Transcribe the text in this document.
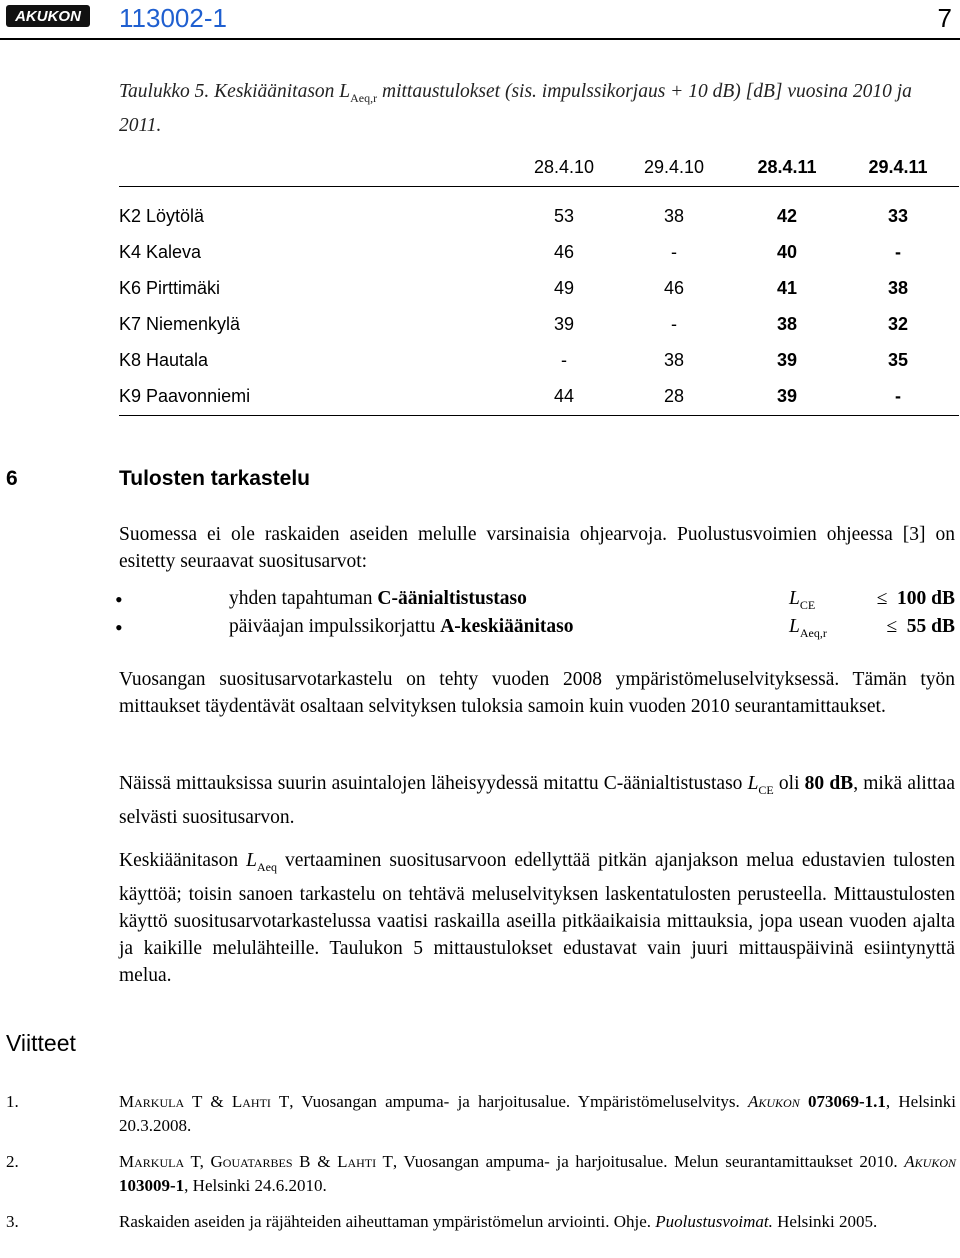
AKUKON 113002-1	7
Taulukko 5. Keskiäänitason $L_{Aeq,r}$ mittaustulokset (sis. impulssikorjaus + 10 dB) [dB] vuosina 2010 ja 2011.
28.4.10	29.4.10	28.4.11	29.4.11
K2 Löytölä	53	38	42	33
K4 Kaleva	46	-	40	-
K6 Pirttimäki	49	46	41	38
K7 Niemenkylä	39	-	38	32
K8 Hautala	-	38	39	35
K9 Paavonniemi	44	28	39	-
6	Tulosten tarkastelu
Suomessa ei ole raskaiden aseiden melulle varsinaisia ohjearvoja. Puolustusvoimien ohjeessa [3] on esitetty seuraavat suositusarvot:
•	yhden tapahtuman C-äänialtistustaso	$L_{CE}$	≤ 100 dB
•	päiväajan impulssikorjattu A-keskiäänitaso	$L_{Aeq,r}$	≤ 55 dB
Vuosangan suositusarvotarkastelu on tehty vuoden 2008 ympäristömeluselvityksessä. Tämän työn mittaukset täydentävät osaltaan selvityksen tuloksia samoin kuin vuoden 2010 seurantamittaukset.
Näissä mittauksissa suurin asuintalojen läheisyydessä mitattu C-äänialtistustaso $L_{CE}$ oli 80 dB, mikä alittaa selvästi suositusarvon.
Keskiäänitason $L_{Aeq}$ vertaaminen suositusarvoon edellyttää pitkän ajanjakson melua edustavien tulosten käyttöä; toisin sanoen tarkastelu on tehtävä meluselvityksen laskentatulosten perusteella. Mittaustulosten käyttö suositusarvotarkastelussa vaatisi raskailla aseilla pitkäaikaisia mittauksia, jopa usean vuoden ajalta ja kaikille melulähteille. Taulukon 5 mittaustulokset edustavat vain juuri mittauspäivinä esiintynyttä melua.
Viitteet
1.	Markula T & Lahti T, Vuosangan ampuma- ja harjoitusalue. Ympäristömeluselvitys. Akukon 073069-1.1, Helsinki 20.3.2008.
2.	Markula T, Gouatarbes B & Lahti T, Vuosangan ampuma- ja harjoitusalue. Melun seurantamittaukset 2010. Akukon 103009-1, Helsinki 24.6.2010.
3.	Raskaiden aseiden ja räjähteiden aiheuttaman ympäristömelun arviointi. Ohje. Puolustusvoimat. Helsinki 2005.
